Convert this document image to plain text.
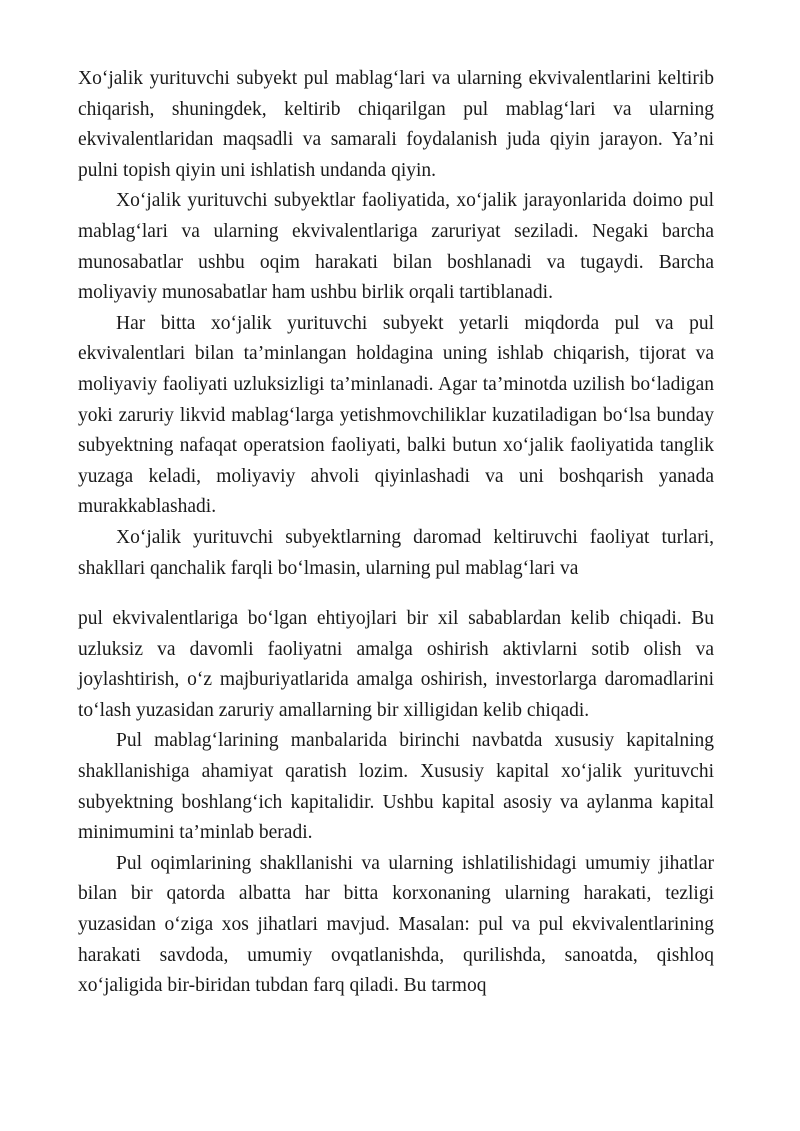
Xo‘jalik yurituvchi subyekt pul mablag‘lari va ularning ekvivalentlarini keltirib chiqarish, shuningdek, keltirib chiqarilgan pul mablag‘lari va ularning ekvivalentlaridan maqsadli va samarali foydalanish juda qiyin jarayon. Ya’ni pulni topish qiyin uni ishlatish undanda qiyin.

Xo‘jalik yurituvchi subyektlar faoliyatida, xo‘jalik jarayonlarida doimo pul mablag‘lari va ularning ekvivalentlariga zaruriyat seziladi. Negaki barcha munosabatlar ushbu oqim harakati bilan boshlanadi va tugaydi. Barcha moliyaviy munosabatlar ham ushbu birlik orqali tartiblanadi.

Har bitta xo‘jalik yurituvchi subyekt yetarli miqdorda pul va pul ekvivalentlari bilan ta’minlangan holdagina uning ishlab chiqarish, tijorat va moliyaviy faoliyati uzluksizligi ta’minlanadi. Agar ta’minotda uzilish bo‘ladigan yoki zaruriy likvid mablag‘larga yetishmovchiliklar kuzatiladigan bo‘lsa bunday subyektning nafaqat operatsion faoliyati, balki butun xo‘jalik faoliyatida tanglik yuzaga keladi, moliyaviy ahvoli qiyinlashadi va uni boshqarish yanada murakkablashadi.

Xo‘jalik yurituvchi subyektlarning daromad keltiruvchi faoliyat turlari, shakllari qanchalik farqli bo‘lmasin, ularning pul mablag‘lari va

pul ekvivalentlariga bo‘lgan ehtiyojlari bir xil sabablardan kelib chiqadi. Bu uzluksiz va davomli faoliyatni amalga oshirish aktivlarni sotib olish va joylashtirish, o‘z majburiyatlarida amalga oshirish, investorlarga daromadlarini to‘lash yuzasidan zaruriy amallarning bir xilligidan kelib chiqadi.

Pul mablag‘larining manbalarida birinchi navbatda xususiy kapitalning shakllanishiga ahamiyat qaratish lozim. Xususiy kapital xo‘jalik yurituvchi subyektning boshlang‘ich kapitalidir. Ushbu kapital asosiy va aylanma kapital minimumini ta’minlab beradi.

Pul oqimlarining shakllanishi va ularning ishlatilishidagi umumiy jihatlar bilan bir qatorda albatta har bitta korxonaning ularning harakati, tezligi yuzasidan o‘ziga xos jihatlari mavjud. Masalan: pul va pul ekvivalentlarining harakati savdoda, umumiy ovqatlanishda, qurilishda, sanoatda, qishloq xo‘jaligida bir-biridan tubdan farq qiladi. Bu tarmoq
